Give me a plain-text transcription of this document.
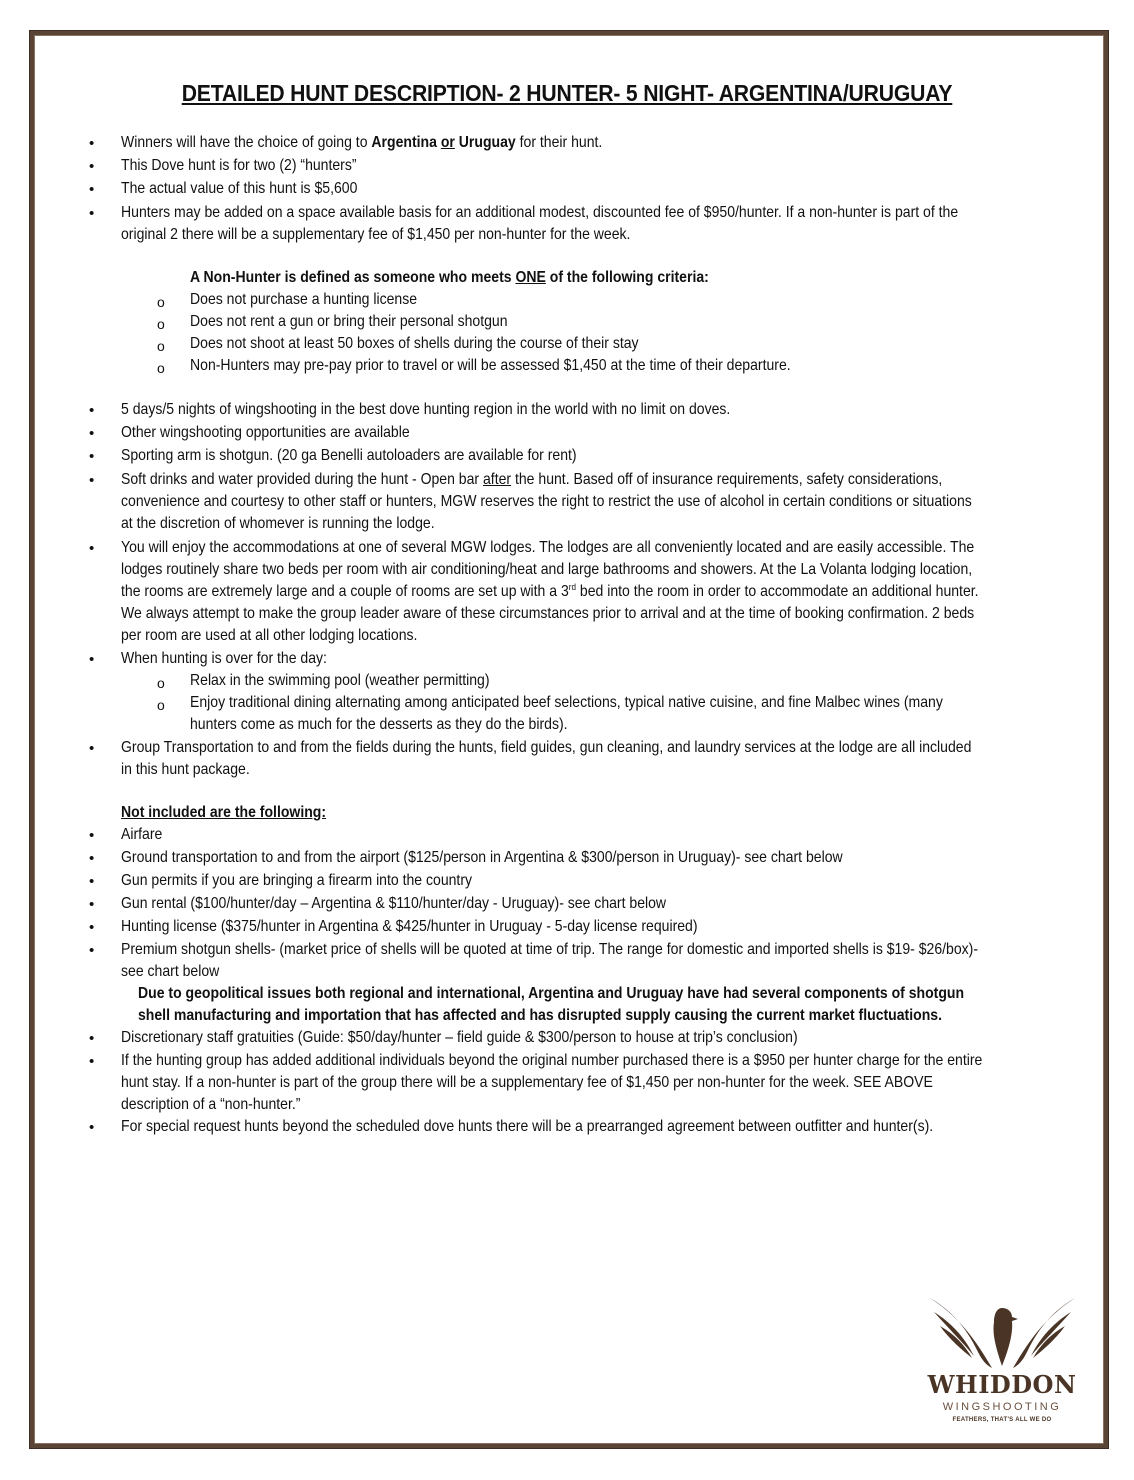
DETAILED HUNT DESCRIPTION- 2 HUNTER- 5 NIGHT- ARGENTINA/URUGUAY
• Winners will have the choice of going to Argentina or Uruguay for their hunt.
• This Dove hunt is for two (2) “hunters”
• The actual value of this hunt is $5,600
• Hunters may be added on a space available basis for an additional modest, discounted fee of $950/hunter. If a non-hunter is part of the
original 2 there will be a supplementary fee of $1,450 per non-hunter for the week.
A Non-Hunter is defined as someone who meets ONE of the following criteria:
o Does not purchase a hunting license
o Does not rent a gun or bring their personal shotgun
o Does not shoot at least 50 boxes of shells during the course of their stay
o Non-Hunters may pre-pay prior to travel or will be assessed $1,450 at the time of their departure.
• 5 days/5 nights of wingshooting in the best dove hunting region in the world with no limit on doves.
• Other wingshooting opportunities are available
• Sporting arm is shotgun. (20 ga Benelli autoloaders are available for rent)
• Soft drinks and water provided during the hunt - Open bar after the hunt. Based off of insurance requirements, safety considerations,
convenience and courtesy to other staff or hunters, MGW reserves the right to restrict the use of alcohol in certain conditions or situations
at the discretion of whomever is running the lodge.
• You will enjoy the accommodations at one of several MGW lodges. The lodges are all conveniently located and are easily accessible. The
lodges routinely share two beds per room with air conditioning/heat and large bathrooms and showers. At the La Volanta lodging location,
the rooms are extremely large and a couple of rooms are set up with a 3rd bed into the room in order to accommodate an additional hunter.
We always attempt to make the group leader aware of these circumstances prior to arrival and at the time of booking confirmation. 2 beds
per room are used at all other lodging locations.
• When hunting is over for the day:
o Relax in the swimming pool (weather permitting)
o Enjoy traditional dining alternating among anticipated beef selections, typical native cuisine, and fine Malbec wines (many
hunters come as much for the desserts as they do the birds).
• Group Transportation to and from the fields during the hunts, field guides, gun cleaning, and laundry services at the lodge are all included
in this hunt package.
Not included are the following:
• Airfare
• Ground transportation to and from the airport ($125/person in Argentina & $300/person in Uruguay)- see chart below
• Gun permits if you are bringing a firearm into the country
• Gun rental ($100/hunter/day – Argentina & $110/hunter/day - Uruguay)- see chart below
• Hunting license ($375/hunter in Argentina & $425/hunter in Uruguay - 5-day license required)
• Premium shotgun shells- (market price of shells will be quoted at time of trip. The range for domestic and imported shells is $19- $26/box)-
see chart below
Due to geopolitical issues both regional and international, Argentina and Uruguay have had several components of shotgun
shell manufacturing and importation that has affected and has disrupted supply causing the current market fluctuations.
• Discretionary staff gratuities (Guide: $50/day/hunter – field guide & $300/person to house at trip’s conclusion)
• If the hunting group has added additional individuals beyond the original number purchased there is a $950 per hunter charge for the entire
hunt stay. If a non-hunter is part of the group there will be a supplementary fee of $1,450 per non-hunter for the week. SEE ABOVE
description of a “non-hunter.”
• For special request hunts beyond the scheduled dove hunts there will be a prearranged agreement between outfitter and hunter(s).
WHIDDON
WINGSHOOTING
FEATHERS, THAT'S ALL WE DO
